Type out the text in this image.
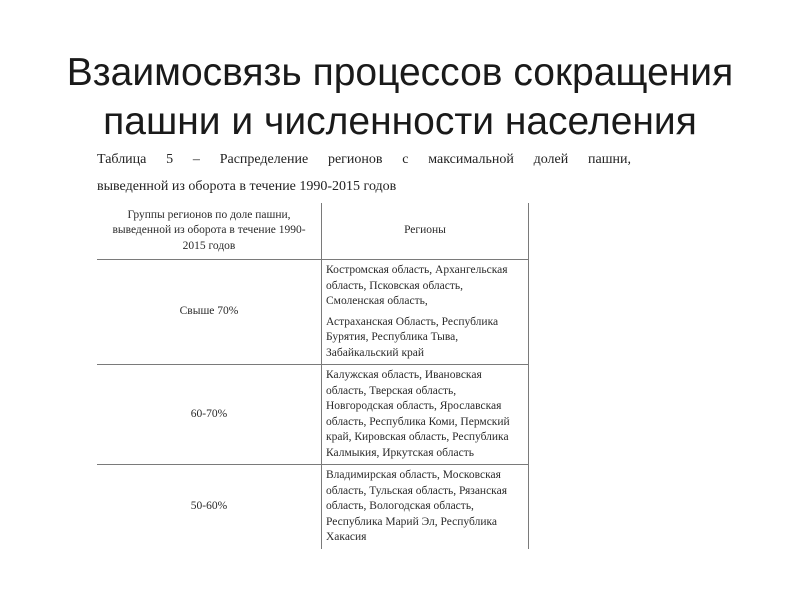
Взаимосвязь процессов сокращения
пашни и численности населения
Таблица 5 – Распределение регионов с максимальной долей пашни,
выведенной из оборота в течение 1990-2015 годов
Группы регионов по доле пашни, выведенной из оборота в течение 1990-2015 годов	Регионы
Свыше 70%	Костромская область, Архангельская область, Псковская область, Смоленская область,

Астраханская Область, Республика Бурятия, Республика Тыва, Забайкальский край

60-70%	Калужская область, Ивановская область, Тверская область, Новгородская область, Ярославская область, Республика Коми, Пермский край, Кировская область, Республика Калмыкия, Иркутская область

50-60%	Владимирская область, Московская область, Тульская область, Рязанская область, Вологодская область, Республика Марий Эл, Республика Хакасия
